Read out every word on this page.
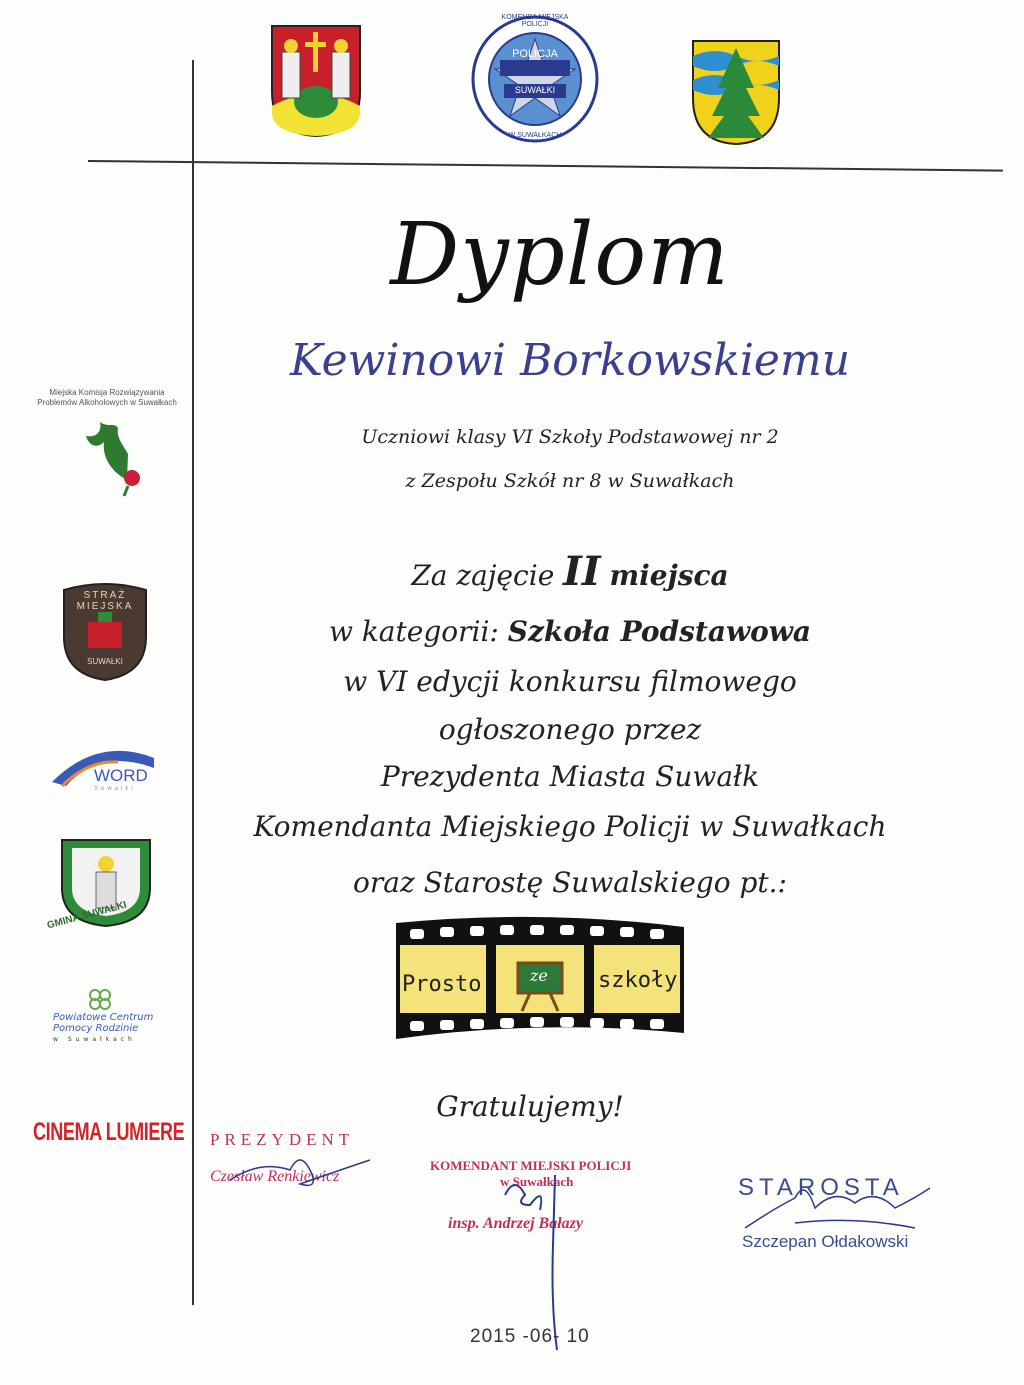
POLICJA
SUWAŁKI
KOMENDA MIEJSKA POLICJI
W SUWAŁKACH
Miejska Komisja Rozwiązywania Problemów Alkoholowych w Suwałkach
STRAŻ
MIEJSKA
SUWAŁKI
WORD
Suwałki
GMINA SUWAŁKI
Powiatowe Centrum
Pomocy Rodzinie
w Suwałkach
CINEMA LUMIERE
Dyplom
Kewinowi Borkowskiemu
Uczniowi klasy VI Szkoły Podstawowej nr 2
z Zespołu Szkół nr 8 w Suwałkach
Za zajęcie II miejsca
w kategorii: Szkoła Podstawowa
w VI edycji konkursu filmowego
ogłoszonego przez
Prezydenta Miasta Suwałk
Komendanta Miejskiego Policji w Suwałkach
oraz Starostę Suwalskiego pt.:
Prosto	ze szkoły
Gratulujemy!
PREZYDENT
Czesław Renkiewicz
KOMENDANT MIEJSKI POLICJI
w Suwałkach
insp. Andrzej Bałazy
STAROSTA
Szczepan Ołdakowski
2015 -06- 10
